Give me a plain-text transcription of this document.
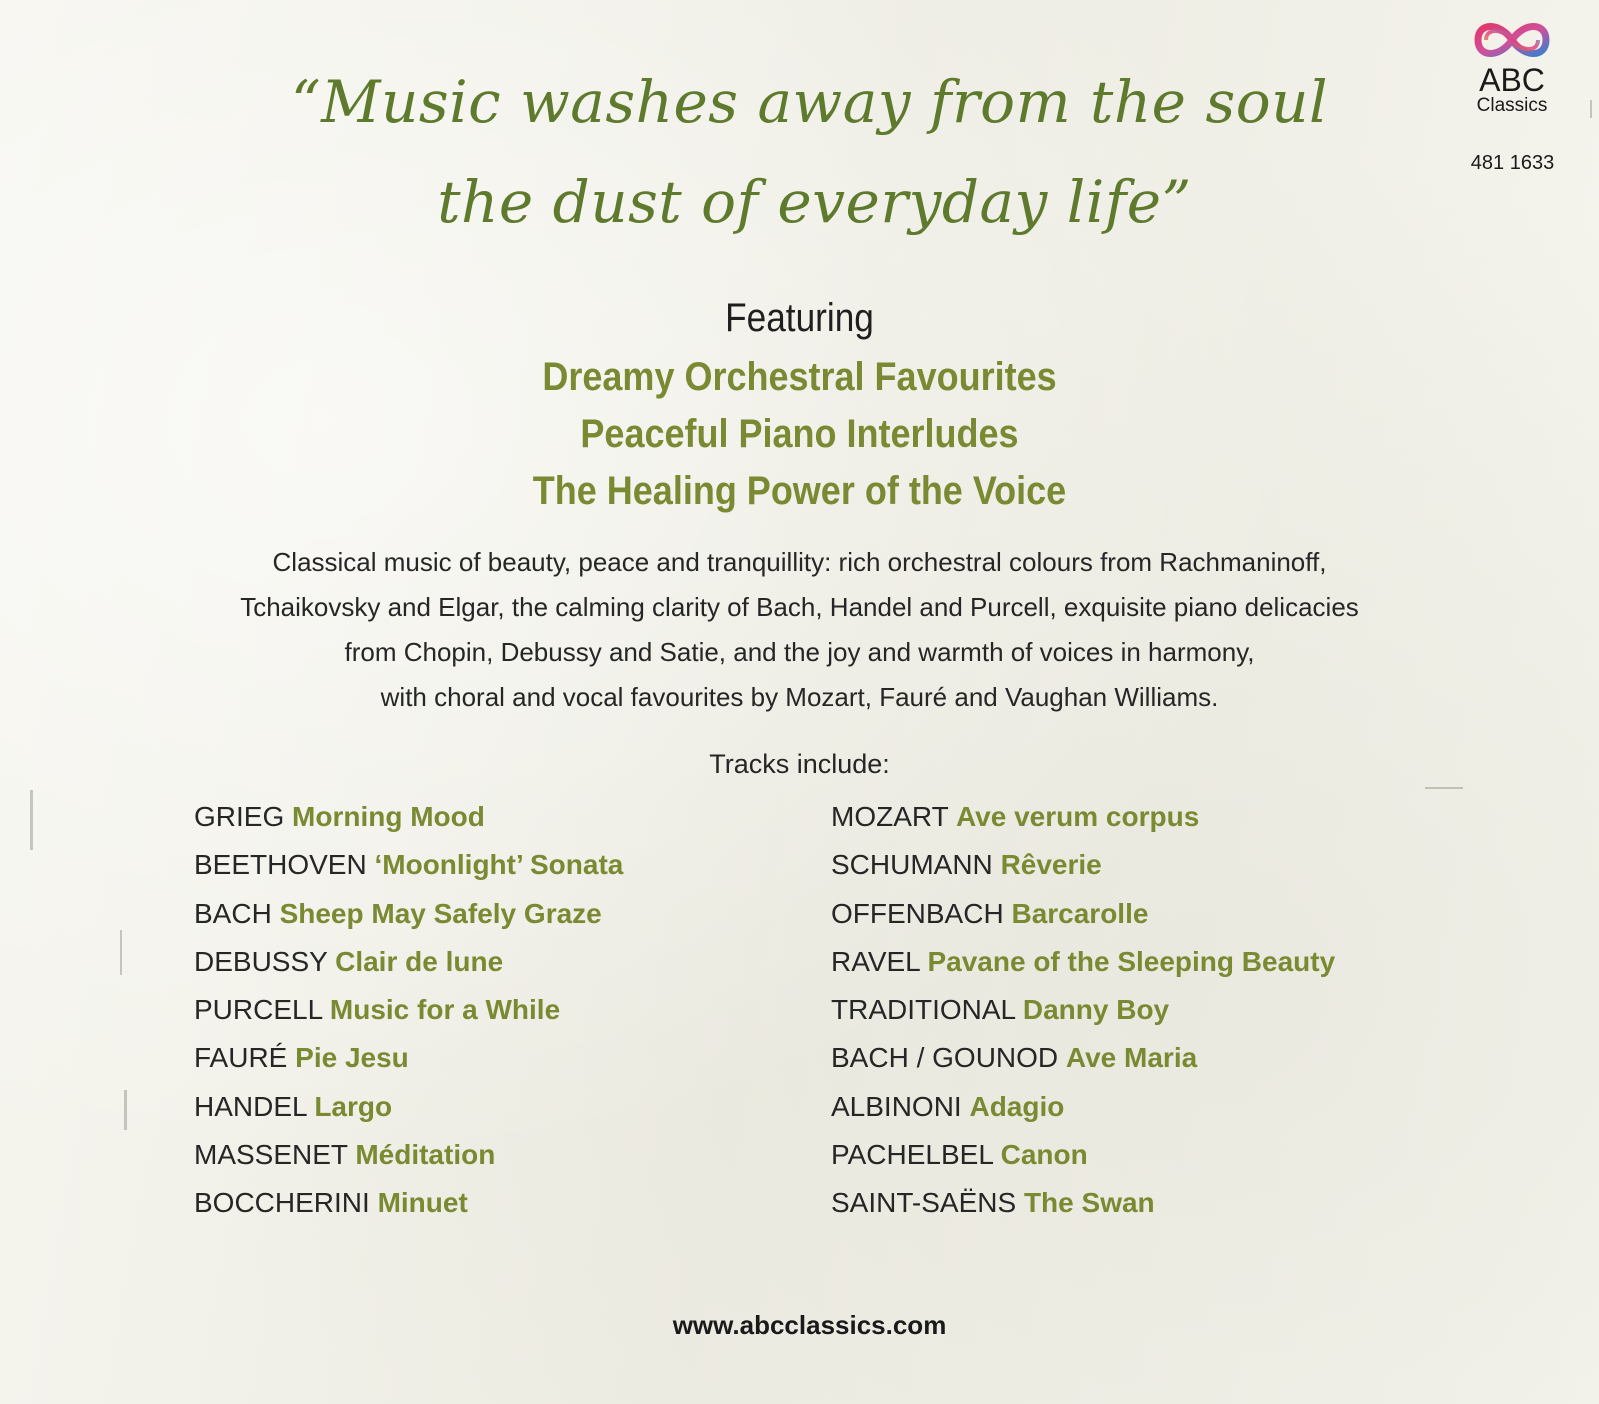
ABC
Classics
481 1633
“Music washes away from the soul
the dust of everyday life”
Featuring
Dreamy Orchestral Favourites
Peaceful Piano Interludes
The Healing Power of the Voice
Classical music of beauty, peace and tranquillity: rich orchestral colours from Rachmaninoff,
Tchaikovsky and Elgar, the calming clarity of Bach, Handel and Purcell, exquisite piano delicacies
from Chopin, Debussy and Satie, and the joy and warmth of voices in harmony,
with choral and vocal favourites by Mozart, Fauré and Vaughan Williams.
Tracks include:
GRIEG Morning Mood
BEETHOVEN ‘Moonlight’ Sonata
BACH Sheep May Safely Graze
DEBUSSY Clair de lune
PURCELL Music for a While
FAURÉ Pie Jesu
HANDEL Largo
MASSENET Méditation
BOCCHERINI Minuet
MOZART Ave verum corpus
SCHUMANN Rêverie
OFFENBACH Barcarolle
RAVEL Pavane of the Sleeping Beauty
TRADITIONAL Danny Boy
BACH / GOUNOD Ave Maria
ALBINONI Adagio
PACHELBEL Canon
SAINT-SAËNS The Swan
www.abcclassics.com
